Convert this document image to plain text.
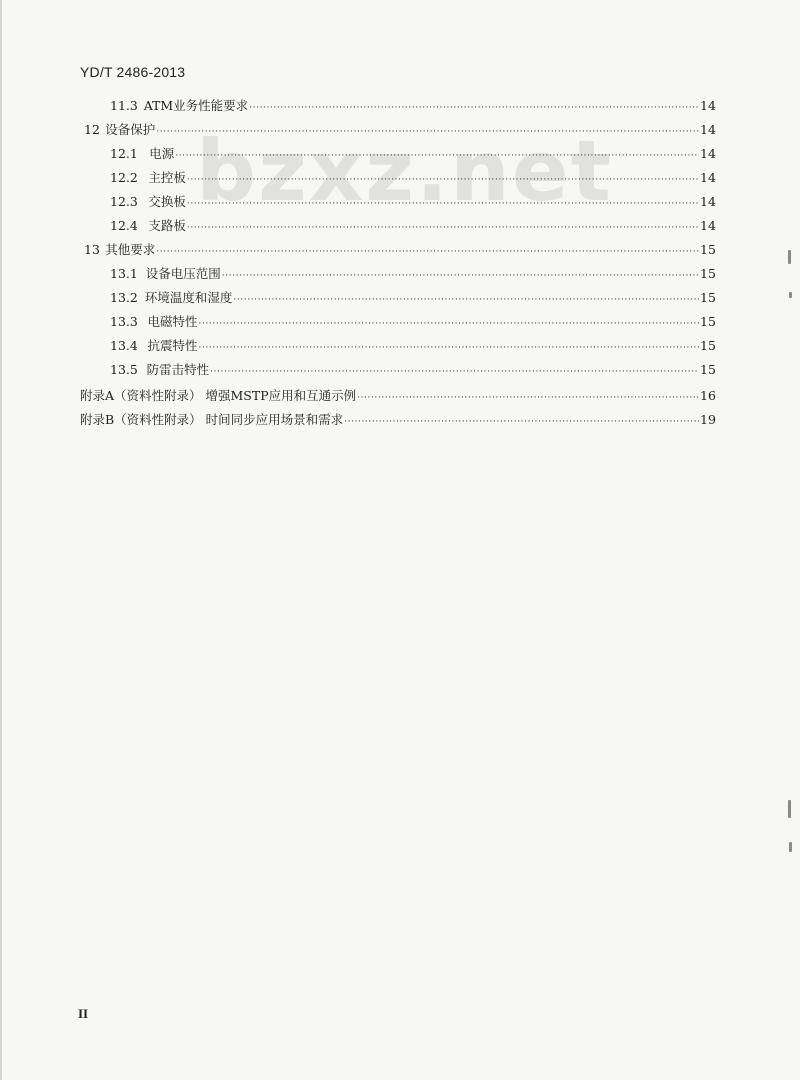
YD/T 2486-2013
bzxz.net
11.3 ATM业务性能要求 ·····	14
12 设备保护 ·····	14
12.1 电源 ·····	14
12.2 主控板 ·····	14
12.3 交换板 ·····	14
12.4 支路板 ·····	14
13 其他要求 ·····	15
13.1 设备电压范围 ·····	15
13.2 环境温度和湿度 ·····	15
13.3 电磁特性 ·····	15
13.4 抗震特性 ·····	15
13.5 防雷击特性 ·····	15
附录A（资料性附录） 增强MSTP应用和互通示例 ·····	16
附录B（资料性附录） 时间同步应用场景和需求 ·····	19
II
